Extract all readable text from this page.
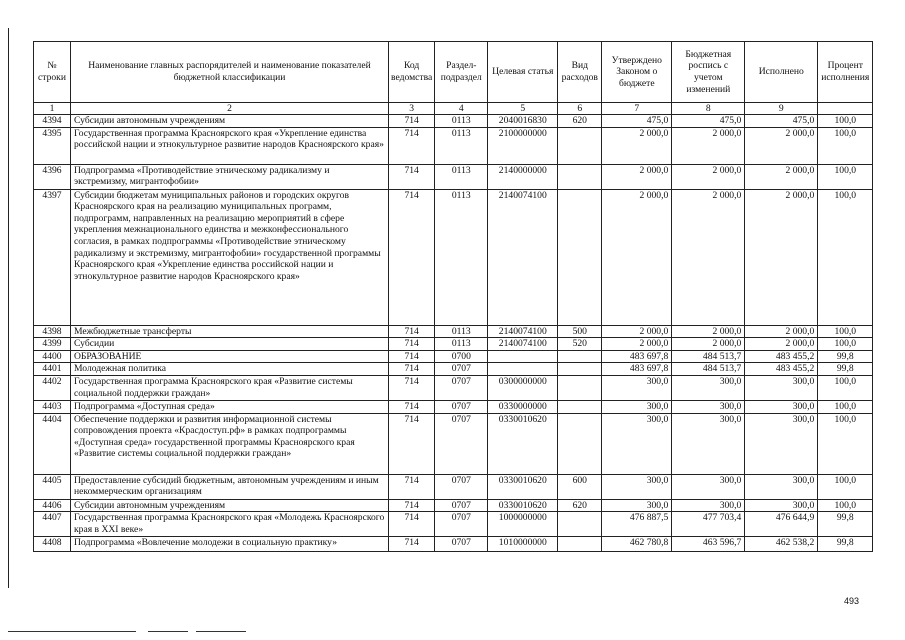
№ строки	Наименование главных распорядителей и наименование показателей бюджетной классификации	Код ведомства	Раздел-подраздел	Целевая статья	Вид расходов	Утверждено Законом о бюджете	Бюджетная роспись с учетом изменений	Исполнено	Процент исполнения
1	2	3	4	5	6	7	8	9	
4394	Субсидии автономным учреждениям	714	0113	2040016830	620	475,0	475,0	475,0	100,0
4395	Государственная программа Красноярского края «Укрепление единства российской нации и этнокультурное развитие народов Красноярского края»	714	0113	2100000000		2 000,0	2 000,0	2 000,0	100,0
4396	Подпрограмма «Противодействие этническому радикализму и экстремизму, мигрантофобии»	714	0113	2140000000		2 000,0	2 000,0	2 000,0	100,0
4397	Субсидии бюджетам муниципальных районов и городских округов Красноярского края на реализацию муниципальных программ, подпрограмм, направленных на реализацию мероприятий в сфере укрепления межнационального единства и межконфессионального согласия, в рамках подпрограммы «Противодействие этническому радикализму и экстремизму, мигрантофобии» государственной программы Красноярского края «Укрепление единства российской нации и этнокультурное развитие народов Красноярского края»	714	0113	2140074100		2 000,0	2 000,0	2 000,0	100,0
4398	Межбюджетные трансферты	714	0113	2140074100	500	2 000,0	2 000,0	2 000,0	100,0
4399	Субсидии	714	0113	2140074100	520	2 000,0	2 000,0	2 000,0	100,0
4400	ОБРАЗОВАНИЕ	714	0700			483 697,8	484 513,7	483 455,2	99,8
4401	Молодежная политика	714	0707			483 697,8	484 513,7	483 455,2	99,8
4402	Государственная программа Красноярского края «Развитие системы социальной поддержки граждан»	714	0707	0300000000		300,0	300,0	300,0	100,0
4403	Подпрограмма «Доступная среда»	714	0707	0330000000		300,0	300,0	300,0	100,0
4404	Обеспечение поддержки и развития информационной системы сопровождения проекта «Красдоступ.рф» в рамках подпрограммы «Доступная среда» государственной программы Красноярского края «Развитие системы социальной поддержки граждан»	714	0707	0330010620		300,0	300,0	300,0	100,0
4405	Предоставление субсидий бюджетным, автономным учреждениям и иным некоммерческим организациям	714	0707	0330010620	600	300,0	300,0	300,0	100,0
4406	Субсидии автономным учреждениям	714	0707	0330010620	620	300,0	300,0	300,0	100,0
4407	Государственная программа Красноярского края «Молодежь Красноярского края в XXI веке»	714	0707	1000000000		476 887,5	477 703,4	476 644,9	99,8
4408	Подпрограмма «Вовлечение молодежи в социальную практику»	714	0707	1010000000		462 780,8	463 596,7	462 538,2	99,8
493
